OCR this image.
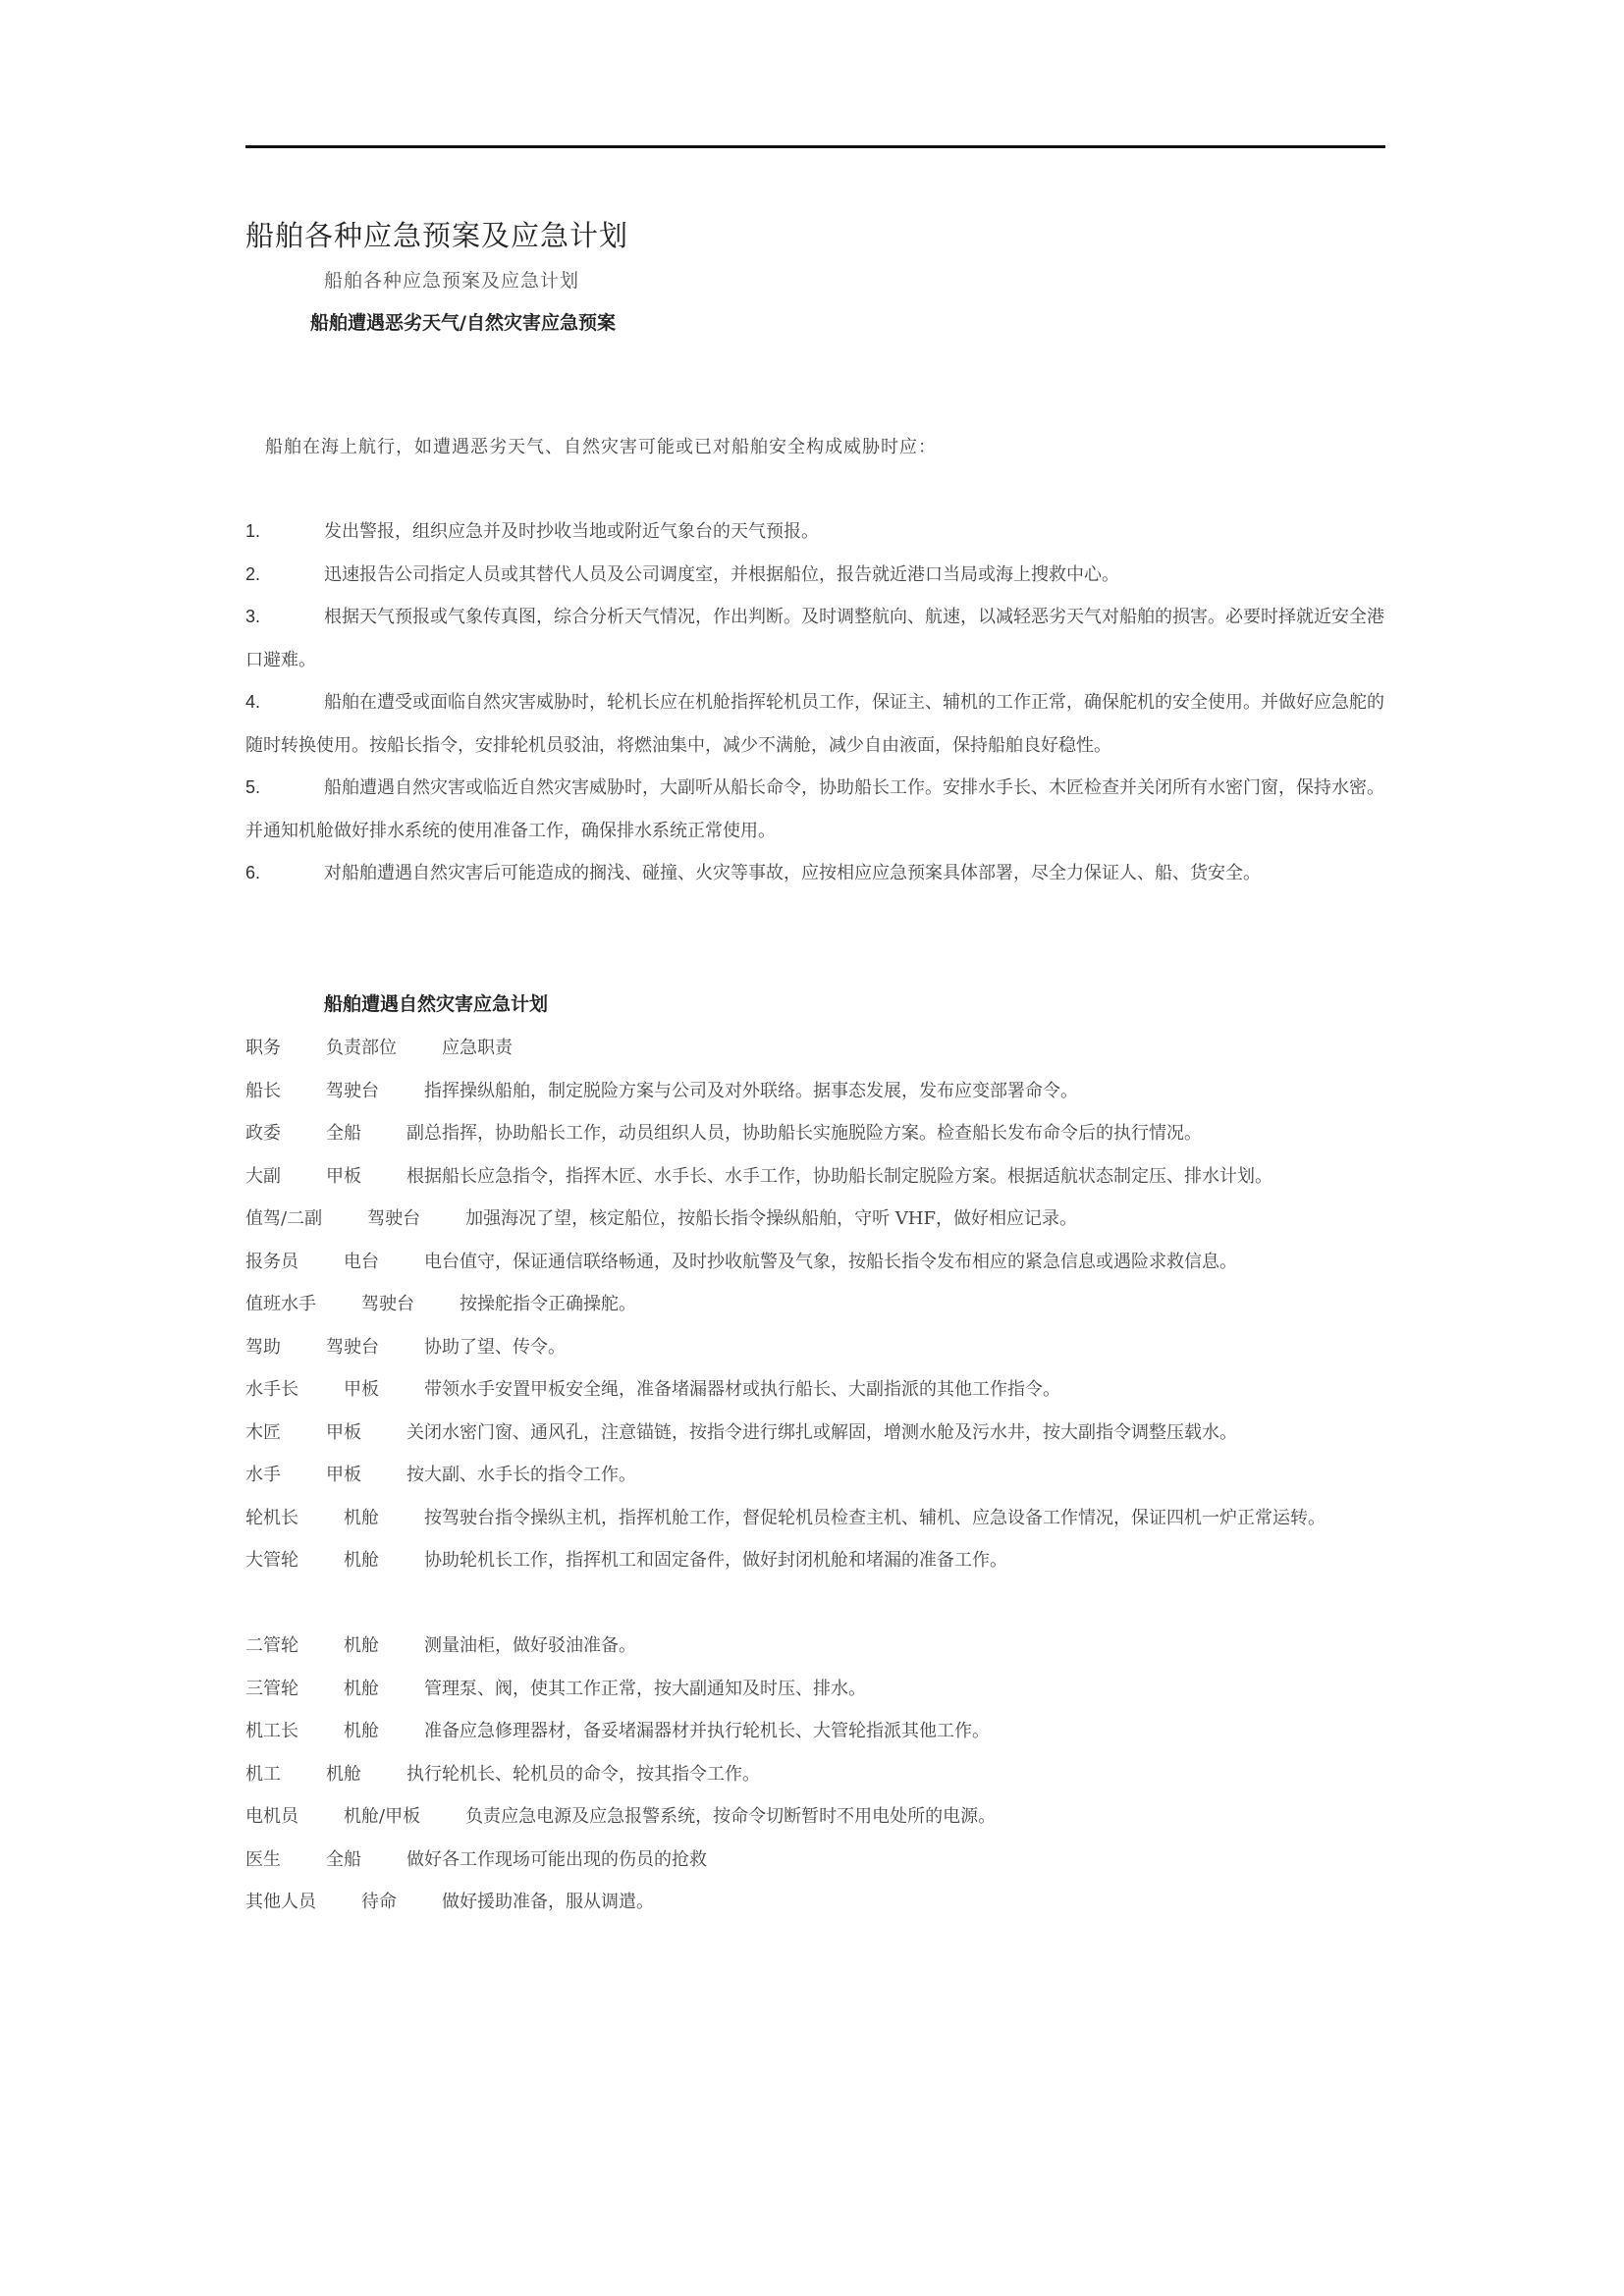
船舶各种应急预案及应急计划
船舶各种应急预案及应急计划
船舶遭遇恶劣天气/自然灾害应急预案
船舶在海上航行，如遭遇恶劣天气、自然灾害可能或已对船舶安全构成威胁时应：
1.	发出警报，组织应急并及时抄收当地或附近气象台的天气预报。
2.	迅速报告公司指定人员或其替代人员及公司调度室，并根据船位，报告就近港口当局或海上搜救中心。
3.	根据天气预报或气象传真图，综合分析天气情况，作出判断。及时调整航向、航速，以减轻恶劣天气对船舶的损害。必要时择就近安全港口避难。
4.	船舶在遭受或面临自然灾害威胁时，轮机长应在机舱指挥轮机员工作，保证主、辅机的工作正常，确保舵机的安全使用。并做好应急舵的随时转换使用。按船长指令，安排轮机员驳油，将燃油集中，减少不满舱，减少自由液面，保持船舶良好稳性。
5.	船舶遭遇自然灾害或临近自然灾害威胁时，大副听从船长命令，协助船长工作。安排水手长、木匠检查并关闭所有水密门窗，保持水密。并通知机舱做好排水系统的使用准备工作，确保排水系统正常使用。
6.	对船舶遭遇自然灾害后可能造成的搁浅、碰撞、火灾等事故，应按相应应急预案具体部署，尽全力保证人、船、货安全。
船舶遭遇自然灾害应急计划
职务	负责部位	应急职责
船长	驾驶台	指挥操纵船舶，制定脱险方案与公司及对外联络。据事态发展，发布应变部署命令。
政委	全船	副总指挥，协助船长工作，动员组织人员，协助船长实施脱险方案。检查船长发布命令后的执行情况。
大副	甲板	根据船长应急指令，指挥木匠、水手长、水手工作，协助船长制定脱险方案。根据适航状态制定压、排水计划。
值驾/二副	驾驶台	加强海况了望，核定船位，按船长指令操纵船舶，守听 VHF，做好相应记录。
报务员	电台	电台值守，保证通信联络畅通，及时抄收航警及气象，按船长指令发布相应的紧急信息或遇险求救信息。
值班水手	驾驶台	按操舵指令正确操舵。
驾助	驾驶台	协助了望、传令。
水手长	甲板	带领水手安置甲板安全绳，准备堵漏器材或执行船长、大副指派的其他工作指令。
木匠	甲板	关闭水密门窗、通风孔，注意锚链，按指令进行绑扎或解固，增测水舱及污水井，按大副指令调整压载水。
水手	甲板	按大副、水手长的指令工作。
轮机长	机舱	按驾驶台指令操纵主机，指挥机舱工作，督促轮机员检查主机、辅机、应急设备工作情况，保证四机一炉正常运转。
大管轮	机舱	协助轮机长工作，指挥机工和固定备件，做好封闭机舱和堵漏的准备工作。
二管轮	机舱	测量油柜，做好驳油准备。
三管轮	机舱	管理泵、阀，使其工作正常，按大副通知及时压、排水。
机工长	机舱	准备应急修理器材，备妥堵漏器材并执行轮机长、大管轮指派其他工作。
机工	机舱	执行轮机长、轮机员的命令，按其指令工作。
电机员	机舱/甲板	负责应急电源及应急报警系统，按命令切断暂时不用电处所的电源。
医生	全船	做好各工作现场可能出现的伤员的抢救
其他人员	待命	做好援助准备，服从调遣。
